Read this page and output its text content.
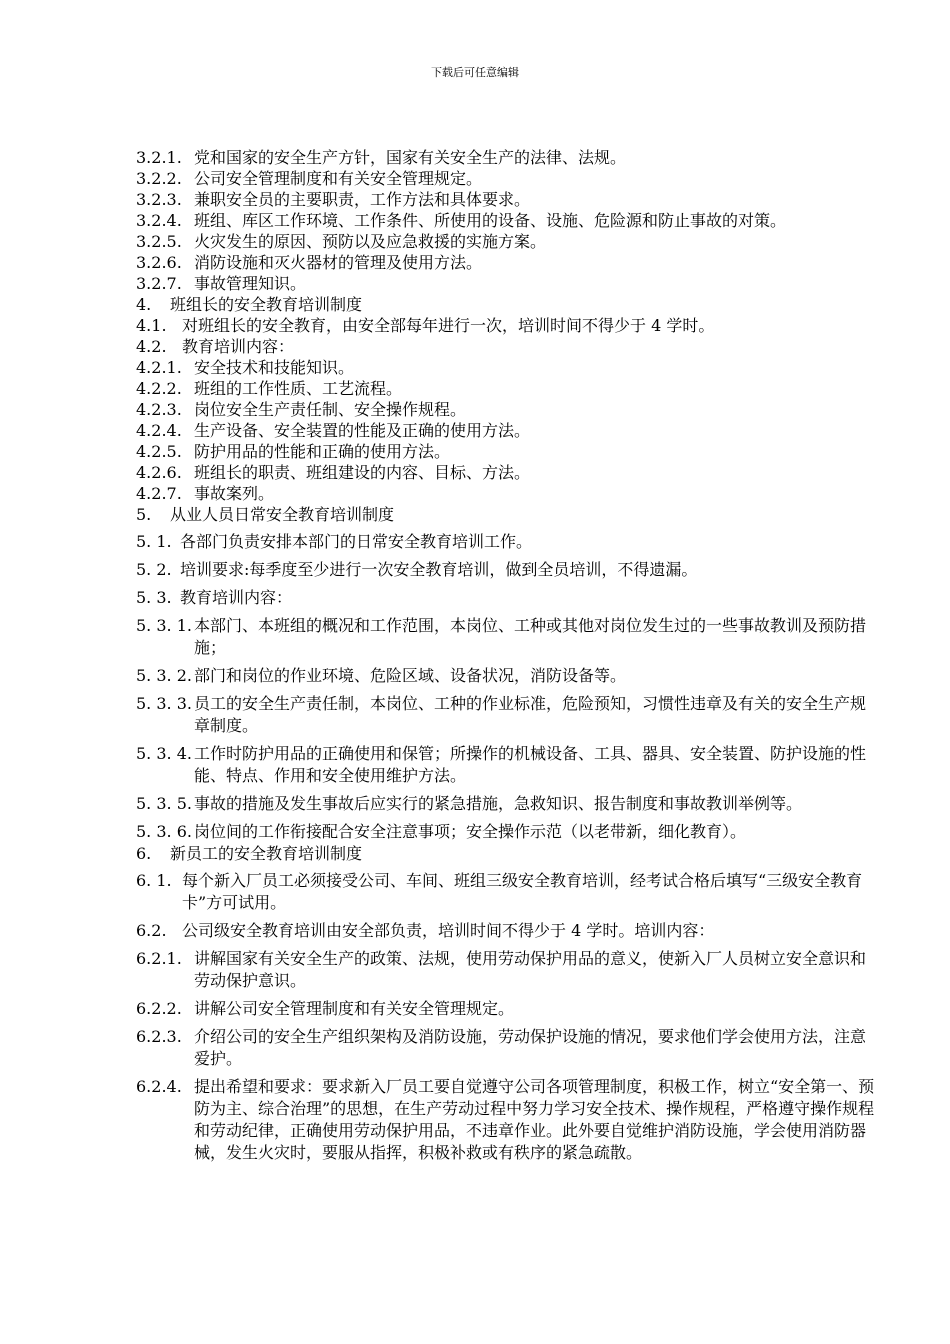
下载后可任意编辑
3.2.1. 党和国家的安全生产方针，国家有关安全生产的法律、法规。
3.2.2. 公司安全管理制度和有关安全管理规定。
3.2.3. 兼职安全员的主要职责，工作方法和具体要求。
3.2.4. 班组、库区工作环境、工作条件、所使用的设备、设施、危险源和防止事故的对策。
3.2.5. 火灾发生的原因、预防以及应急救援的实施方案。
3.2.6. 消防设施和灭火器材的管理及使用方法。
3.2.7. 事故管理知识。
4.	班组长的安全教育培训制度
4.1. 对班组长的安全教育，由安全部每年进行一次，培训时间不得少于 4 学时。
4.2. 教育培训内容：
4.2.1. 安全技术和技能知识。
4.2.2. 班组的工作性质、工艺流程。
4.2.3. 岗位安全生产责任制、安全操作规程。
4.2.4. 生产设备、安全装置的性能及正确的使用方法。
4.2.5. 防护用品的性能和正确的使用方法。
4.2.6. 班组长的职责、班组建设的内容、目标、方法。
4.2.7. 事故案列。
5.	从业人员日常安全教育培训制度
5. 1. 各部门负责安排本部门的日常安全教育培训工作。
5. 2. 培训要求:每季度至少进行一次安全教育培训，做到全员培训，不得遗漏。
5. 3. 教育培训内容：
5. 3. 1. 本部门、本班组的概况和工作范围，本岗位、工种或其他对岗位发生过的一些事故教训及预防措施；
5. 3. 2. 部门和岗位的作业环境、危险区域、设备状况，消防设备等。
5. 3. 3. 员工的安全生产责任制，本岗位、工种的作业标准，危险预知，习惯性违章及有关的安全生产规章制度。
5. 3. 4. 工作时防护用品的正确使用和保管；所操作的机械设备、工具、器具、安全装置、防护设施的性能、特点、作用和安全使用维护方法。
5. 3. 5. 事故的措施及发生事故后应实行的紧急措施，急救知识、报告制度和事故教训举例等。
5. 3. 6. 岗位间的工作衔接配合安全注意事项；安全操作示范（以老带新，细化教育）。
6.	新员工的安全教育培训制度
6. 1. 每个新入厂员工必须接受公司、车间、班组三级安全教育培训，经考试合格后填写“三级安全教育卡”方可试用。
6.2. 公司级安全教育培训由安全部负责，培训时间不得少于 4 学时。培训内容：
6.2.1. 讲解国家有关安全生产的政策、法规，使用劳动保护用品的意义，使新入厂人员树立安全意识和劳动保护意识。
6.2.2. 讲解公司安全管理制度和有关安全管理规定。
6.2.3. 介绍公司的安全生产组织架构及消防设施，劳动保护设施的情况，要求他们学会使用方法，注意爱护。
6.2.4. 提出希望和要求：要求新入厂员工要自觉遵守公司各项管理制度，积极工作，树立“安全第一、预防为主、综合治理”的思想，在生产劳动过程中努力学习安全技术、操作规程，严格遵守操作规程和劳动纪律，正确使用劳动保护用品，不违章作业。此外要自觉维护消防设施，学会使用消防器械，发生火灾时，要服从指挥，积极补救或有秩序的紧急疏散。
